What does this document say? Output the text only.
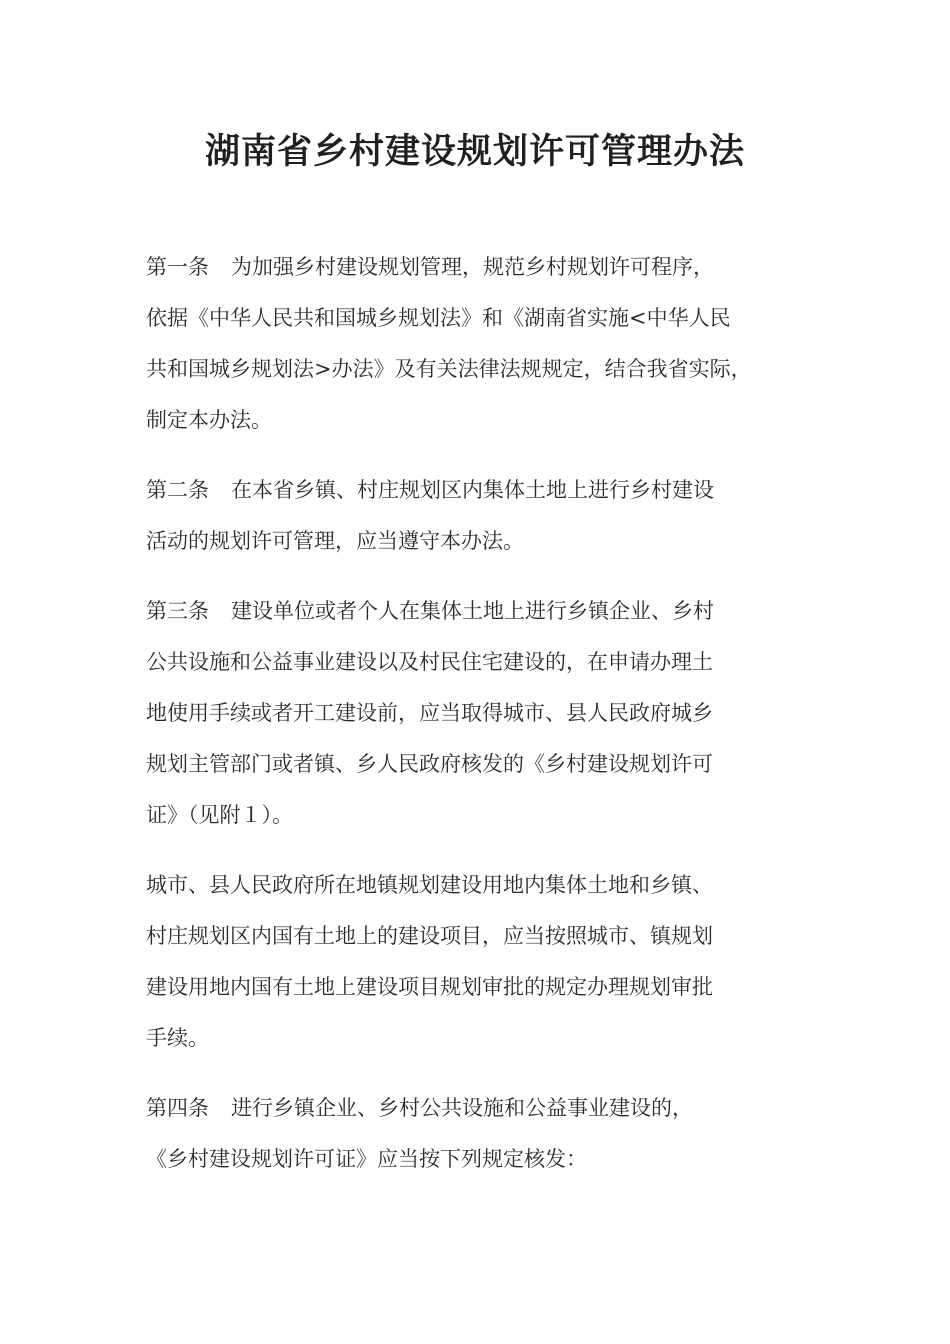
湖南省乡村建设规划许可管理办法

第一条 为加强乡村建设规划管理，规范乡村规划许可程序，
依据《中华人民共和国城乡规划法》和《湖南省实施<中华人民
共和国城乡规划法>办法》及有关法律法规规定，结合我省实际，
制定本办法。

第二条 在本省乡镇、村庄规划区内集体土地上进行乡村建设
活动的规划许可管理，应当遵守本办法。

第三条 建设单位或者个人在集体土地上进行乡镇企业、乡村
公共设施和公益事业建设以及村民住宅建设的，在申请办理土
地使用手续或者开工建设前，应当取得城市、县人民政府城乡
规划主管部门或者镇、乡人民政府核发的《乡村建设规划许可
证》（见附１）。

城市、县人民政府所在地镇规划建设用地内集体土地和乡镇、
村庄规划区内国有土地上的建设项目，应当按照城市、镇规划
建设用地内国有土地上建设项目规划审批的规定办理规划审批
手续。

第四条 进行乡镇企业、乡村公共设施和公益事业建设的，
《乡村建设规划许可证》应当按下列规定核发：
